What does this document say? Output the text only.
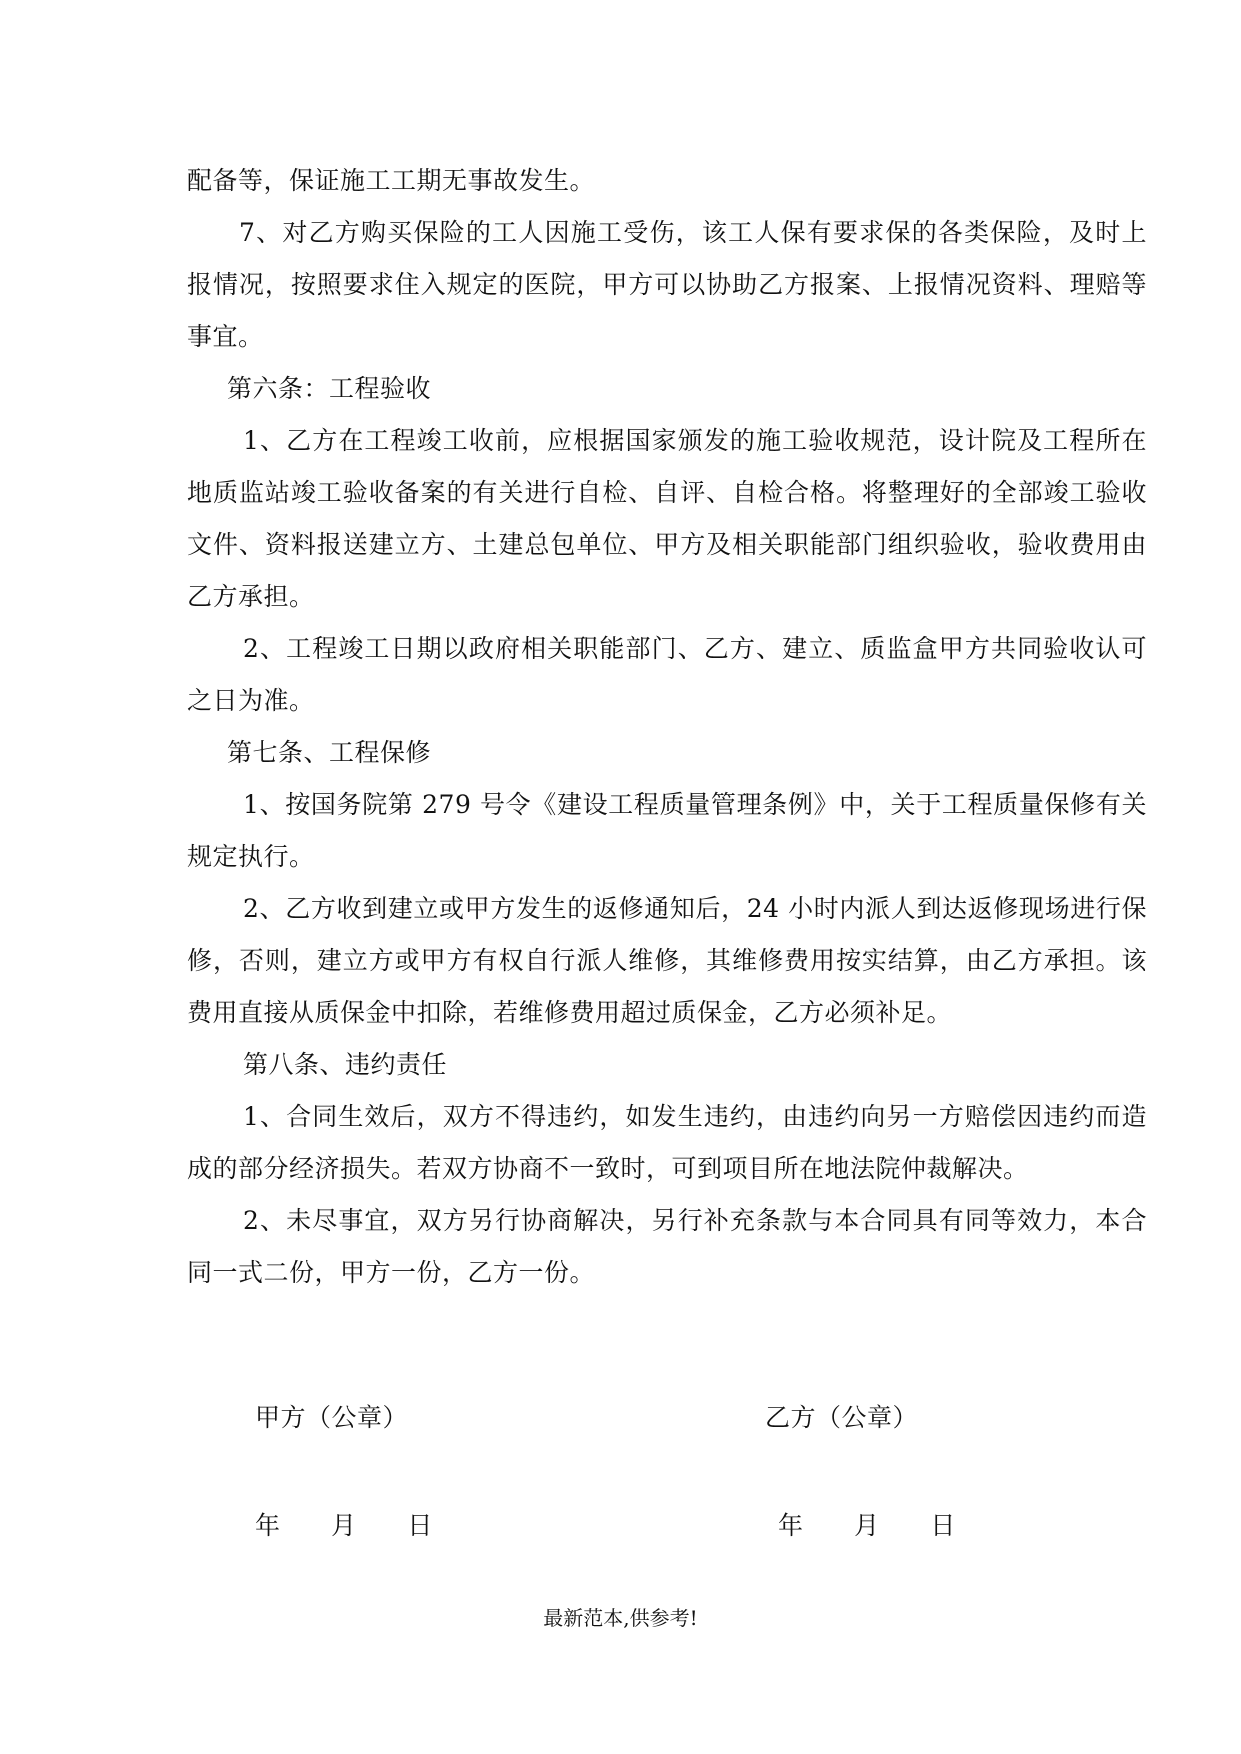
配备等，保证施工工期无事故发生。

7、对乙方购买保险的工人因施工受伤，该工人保有要求保的各类保险，及时上报情况，按照要求住入规定的医院，甲方可以协助乙方报案、上报情况资料、理赔等事宜。

第六条：工程验收

1、乙方在工程竣工收前，应根据国家颁发的施工验收规范，设计院及工程所在地质监站竣工验收备案的有关进行自检、自评、自检合格。将整理好的全部竣工验收文件、资料报送建立方、土建总包单位、甲方及相关职能部门组织验收，验收费用由乙方承担。

2、工程竣工日期以政府相关职能部门、乙方、建立、质监盒甲方共同验收认可之日为准。

第七条、工程保修

1、按国务院第 279 号令《建设工程质量管理条例》中，关于工程质量保修有关规定执行。

2、乙方收到建立或甲方发生的返修通知后，24 小时内派人到达返修现场进行保修，否则，建立方或甲方有权自行派人维修，其维修费用按实结算，由乙方承担。该费用直接从质保金中扣除，若维修费用超过质保金，乙方必须补足。

第八条、违约责任

1、合同生效后，双方不得违约，如发生违约，由违约向另一方赔偿因违约而造成的部分经济损失。若双方协商不一致时，可到项目所在地法院仲裁解决。

2、未尽事宜，双方另行协商解决，另行补充条款与本合同具有同等效力，本合同一式二份，甲方一份，乙方一份。

甲方（公章）	乙方（公章）
年      月      日	年      月      日
最新范本,供参考!
